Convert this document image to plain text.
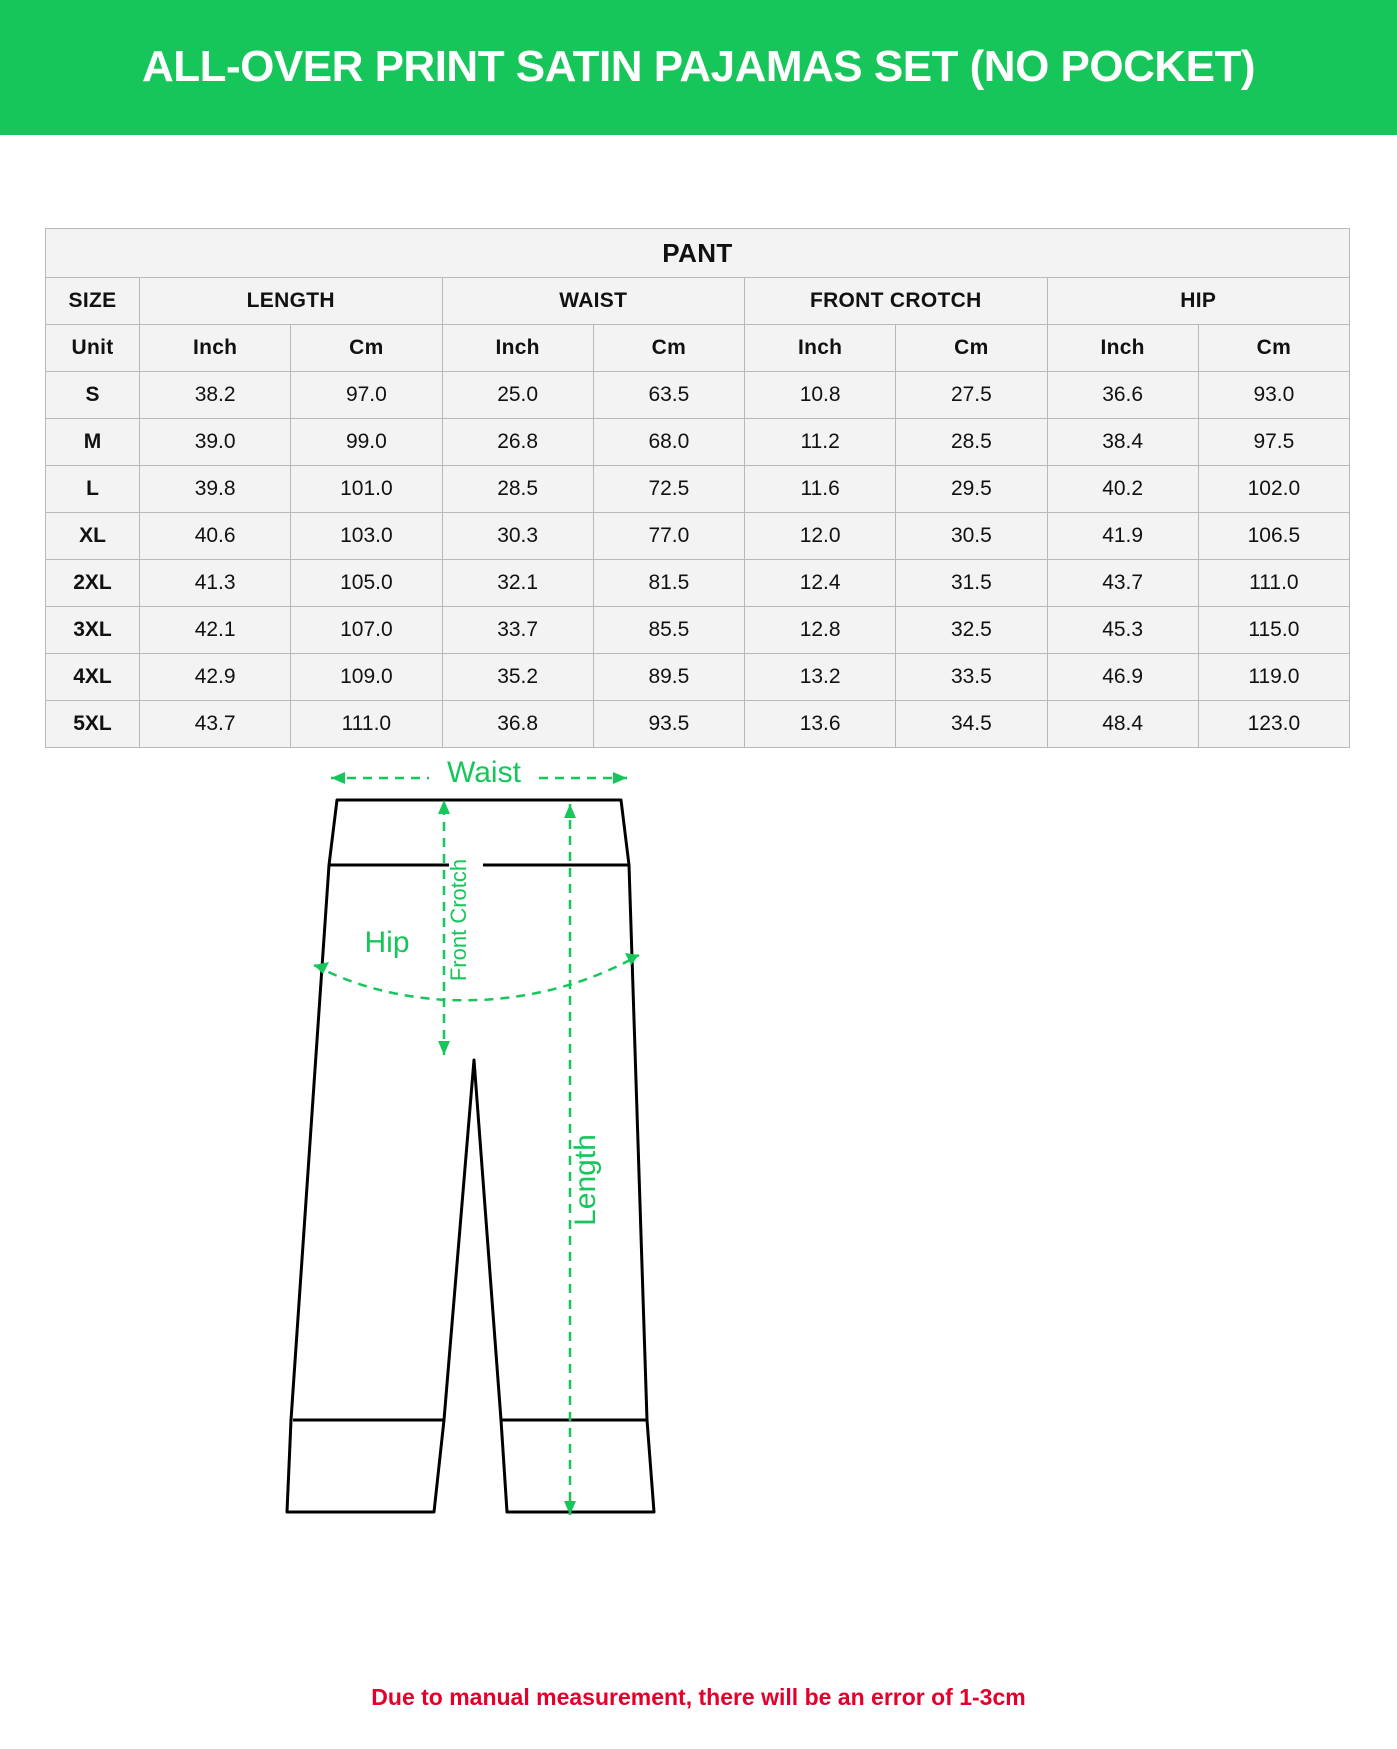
ALL-OVER PRINT SATIN PAJAMAS SET (NO POCKET)
PANT								
SIZE	LENGTH		WAIST		FRONT CROTCH		HIP	
Unit	Inch	Cm	Inch	Cm	Inch	Cm	Inch	Cm
S	38.2	97.0	25.0	63.5	10.8	27.5	36.6	93.0
M	39.0	99.0	26.8	68.0	11.2	28.5	38.4	97.5
L	39.8	101.0	28.5	72.5	11.6	29.5	40.2	102.0
XL	40.6	103.0	30.3	77.0	12.0	30.5	41.9	106.5
2XL	41.3	105.0	32.1	81.5	12.4	31.5	43.7	111.0
3XL	42.1	107.0	33.7	85.5	12.8	32.5	45.3	115.0
4XL	42.9	109.0	35.2	89.5	13.2	33.5	46.9	119.0
5XL	43.7	111.0	36.8	93.5	13.6	34.5	48.4	123.0
Waist
Front Crotch
Hip
Length
Due to manual measurement, there will be an error of 1-3cm
